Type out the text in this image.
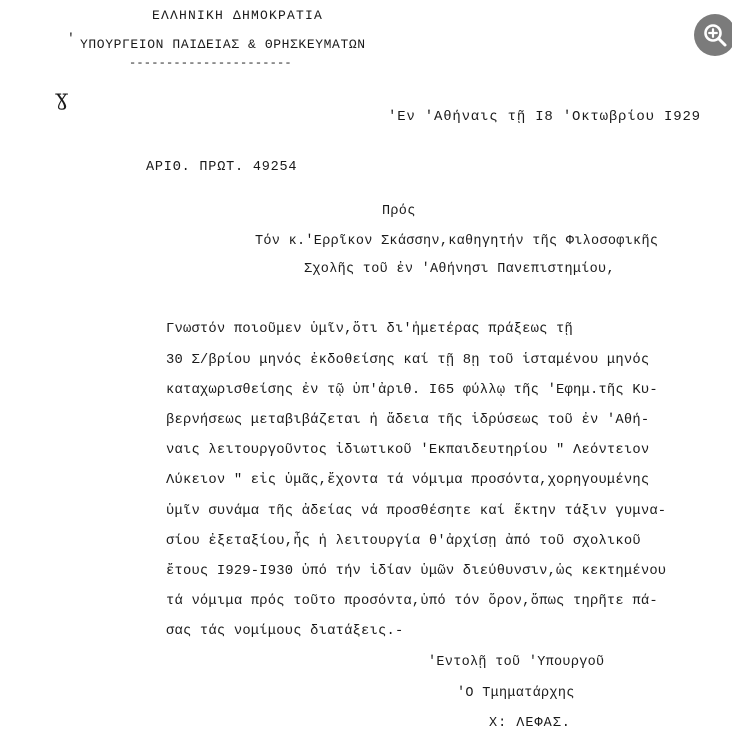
ΕΛΛΗΝΙΚΗ ΔΗΜΟΚΡΑΤΙΑ
ʹ ΥΠΟΥΡΓΕΙΟΝ ΠΑΙΔΕΙΑΣ & ΘΡΗΣΚΕΥΜΑΤΩΝ
----------------------
ɣ
ʹΕν ʹΑθήναις τῇ Ι8 ʹΟκτωβρίου Ι929
ΑΡΙΘ. ΠΡΩΤ. 49254
Πρός
Τόν κ.ʹΕρρῖκον Σκάσσην,καθηγητήν τῆς Φιλοσοφικῆς
Σχολῆς τοῦ ἐν ʹΑθήνησι Πανεπιστημίου,
Γνωστόν ποιοῦμεν ὑμῖν,ὅτι δι'ἡμετέρας πράξεως τῇ
30 Σ/βρίου μηνός ἐκδοθείσης καί τῇ 8ῃ τοῦ ἱσταμένου μηνός
καταχωρισθείσης ἐν τῷ ὑπ'ἀριθ. Ι65 φύλλῳ τῆς ʹΕφημ.τῆς Κυ-
βερνήσεως μεταβιβάζεται ἡ ἄδεια τῆς ἱδρύσεως τοῦ ἐν ʹΑθή-
ναις λειτουργοῦντος ἰδιωτικοῦ ʹΕκπαιδευτηρίου " Λεόντειον
Λύκειον " εἰς ὑμᾶς,ἔχοντα τά νόμιμα προσόντα,χορηγουμένης
ὑμῖν συνάμα τῆς ἀδείας νά προσθέσητε καί ἕκτην τάξιν γυμνα-
σίου ἐξεταξίου,ἧς ἡ λειτουργία θ'ἀρχίσῃ ἀπό τοῦ σχολικοῦ
ἔτους Ι929-Ι930 ὑπό τήν ἰδίαν ὑμῶν διεύθυνσιν,ὡς κεκτημένου
τά νόμιμα πρός τοῦτο προσόντα,ὑπό τόν ὅρον,ὅπως τηρῆτε πά-
σας τάς νομίμους διατάξεις.-
ʹΕντολῇ τοῦ ʹΥπουργοῦ
ʹΟ Τμηματάρχης
Χ: ΛΕΦΑΣ.
